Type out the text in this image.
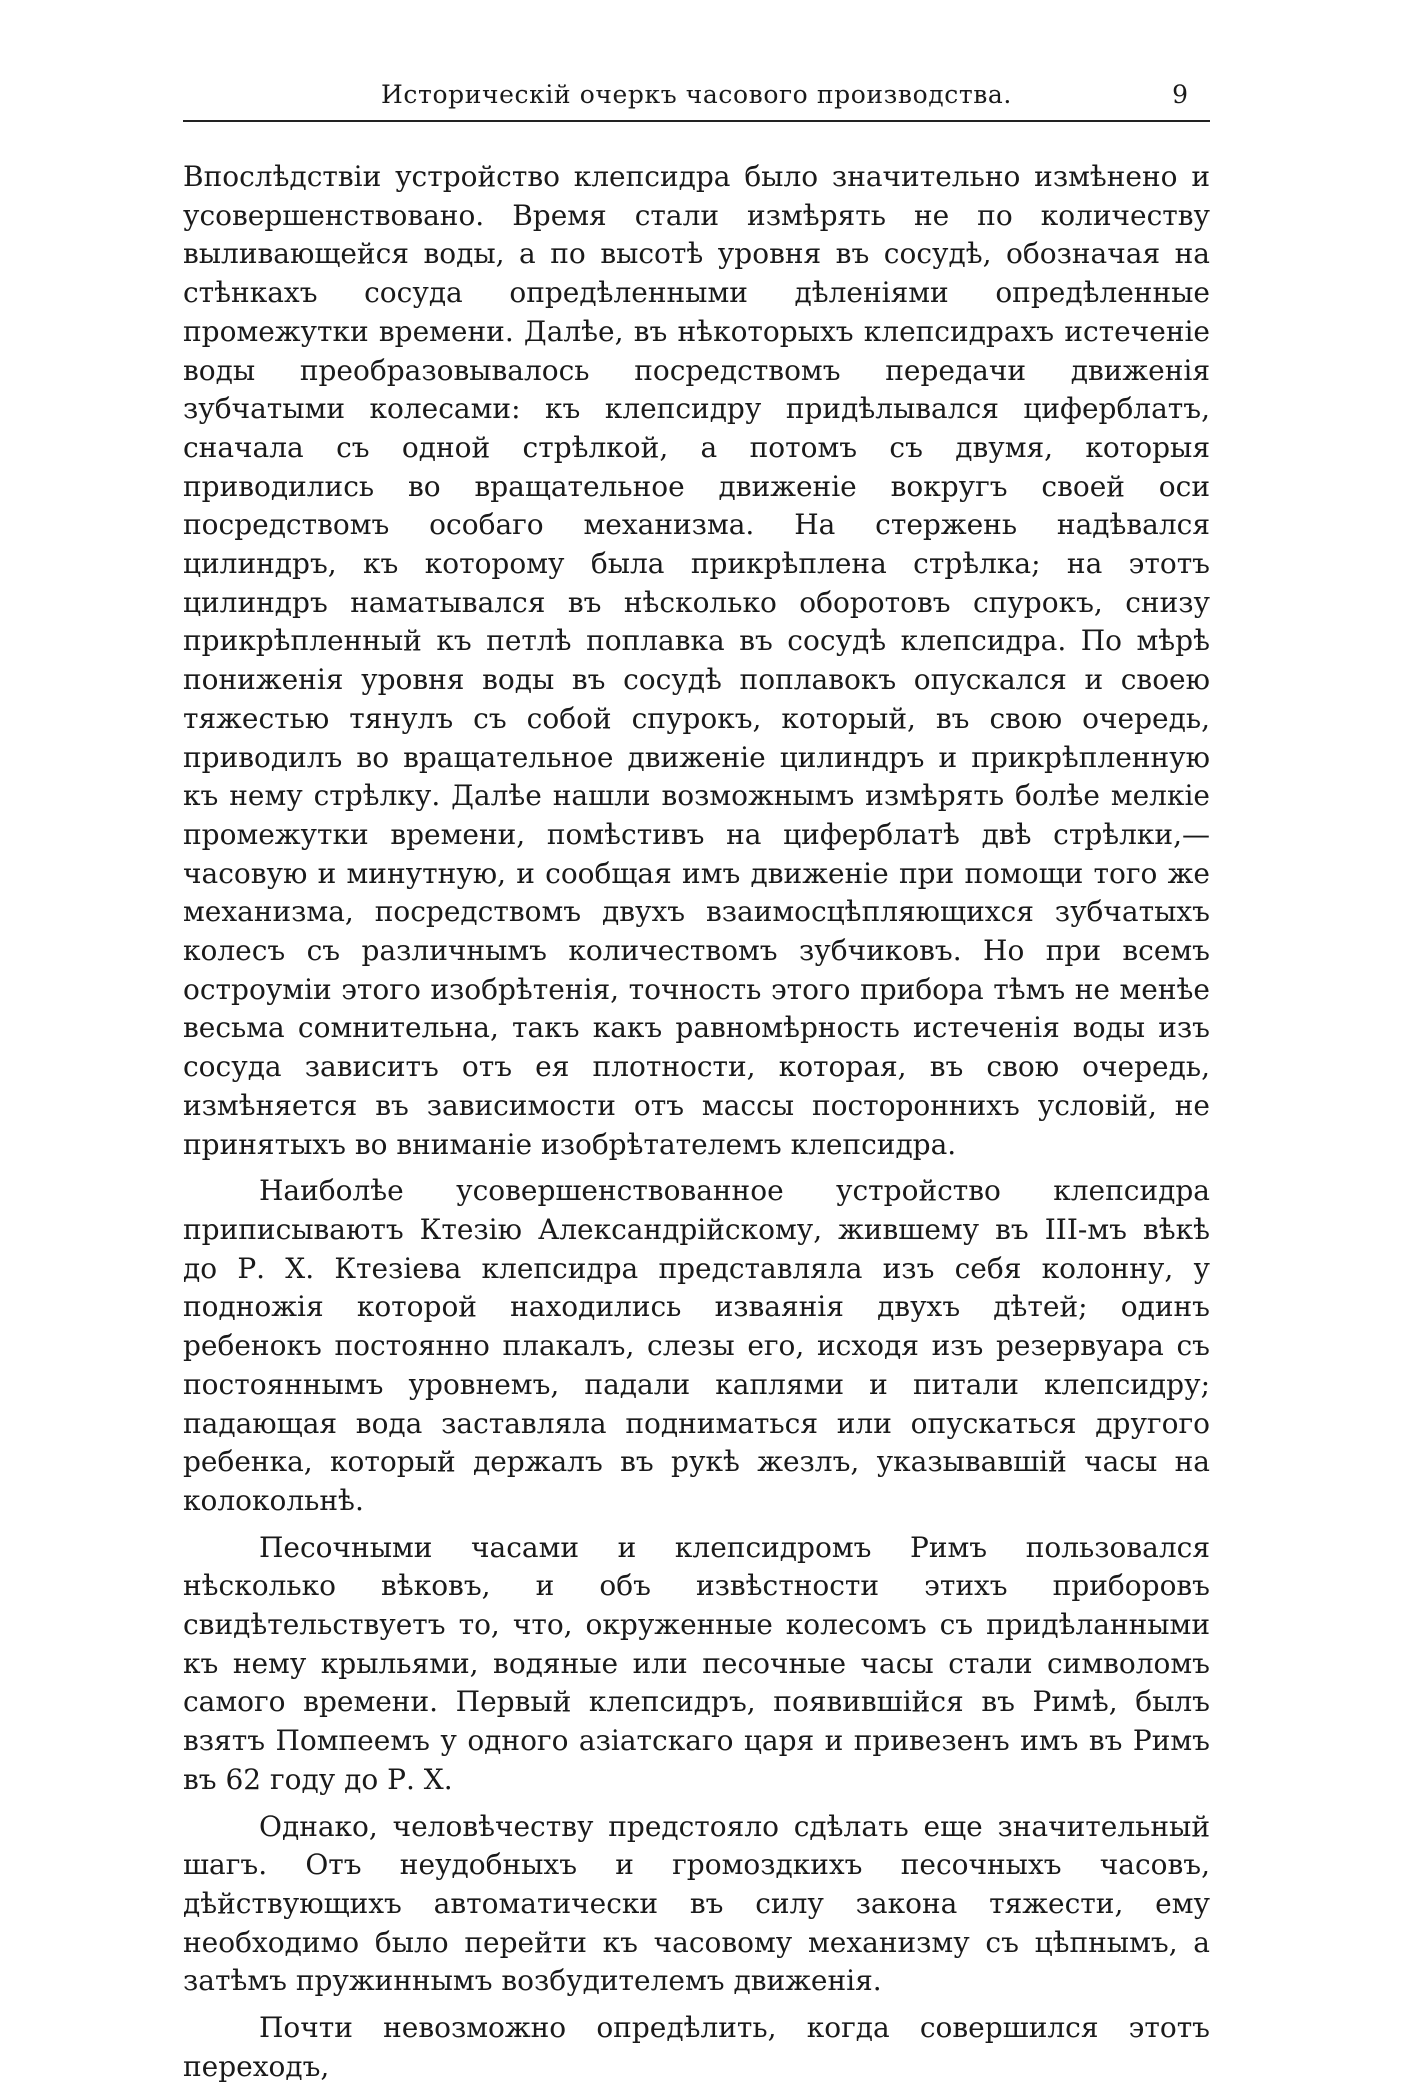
Историческій очеркъ часового производства.	9

Впослѣдствіи устройство клепсидра было значительно измѣнено и усовершенствовано. Время стали измѣрять не по количеству выливающейся воды, а по высотѣ уровня въ сосудѣ, обозначая на стѣнкахъ сосуда опредѣленными дѣленіями опредѣленные промежутки времени. Далѣе, въ нѣкоторыхъ клепсидрахъ истеченіе воды преобразовывалось посредствомъ передачи движенія зубчатыми колесами: къ клепсидру придѣлывался циферблатъ, сначала съ одной стрѣлкой, а потомъ съ двумя, которыя приводились во вращательное движеніе вокругъ своей оси посредствомъ особаго механизма. На стержень надѣвался цилиндръ, къ которому была прикрѣплена стрѣлка; на этотъ цилиндръ наматывался въ нѣсколько оборотовъ спурокъ, снизу прикрѣпленный къ петлѣ поплавка въ сосудѣ клепсидра. По мѣрѣ пониженія уровня воды въ сосудѣ поплавокъ опускался и своею тяжестью тянулъ съ собой спурокъ, который, въ свою очередь, приводилъ во вращательное движеніе цилиндръ и прикрѣпленную къ нему стрѣлку. Далѣе нашли возможнымъ измѣрять болѣе мелкіе промежутки времени, помѣстивъ на циферблатѣ двѣ стрѣлки,—часовую и минутную, и сообщая имъ движеніе при помощи того же механизма, посредствомъ двухъ взаимосцѣпляющихся зубчатыхъ колесъ съ различнымъ количествомъ зубчиковъ. Но при всемъ остроуміи этого изобрѣтенія, точность этого прибора тѣмъ не менѣе весьма сомнительна, такъ какъ равномѣрность истеченія воды изъ сосуда зависитъ отъ ея плотности, которая, въ свою очередь, измѣняется въ зависимости отъ массы постороннихъ условій, не принятыхъ во вниманіе изобрѣтателемъ клепсидра.

Наиболѣе усовершенствованное устройство клепсидра приписываютъ Ктезію Александрійскому, жившему въ III-мъ вѣкѣ до Р. Х. Ктезіева клепсидра представляла изъ себя колонну, у подножія которой находились изваянія двухъ дѣтей; одинъ ребенокъ постоянно плакалъ, слезы его, исходя изъ резервуара съ постояннымъ уровнемъ, падали каплями и питали клепсидру; падающая вода заставляла подниматься или опускаться другого ребенка, который держалъ въ рукѣ жезлъ, указывавшій часы на колокольнѣ.

Песочными часами и клепсидромъ Римъ пользовался нѣсколько вѣковъ, и объ извѣстности этихъ приборовъ свидѣтельствуетъ то, что, окруженные колесомъ съ придѣланными къ нему крыльями, водяные или песочные часы стали символомъ самого времени. Первый клепсидръ, появившійся въ Римѣ, былъ взятъ Помпеемъ у одного азіатскаго царя и привезенъ имъ въ Римъ въ 62 году до Р. Х.

Однако, человѣчеству предстояло сдѣлать еще значительный шагъ. Отъ неудобныхъ и громоздкихъ песочныхъ часовъ, дѣйствующихъ автоматически въ силу закона тяжести, ему необходимо было перейти къ часовому механизму съ цѣпнымъ, а затѣмъ пружиннымъ возбудителемъ движенія.

Почти невозможно опредѣлить, когда совершился этотъ переходъ,
